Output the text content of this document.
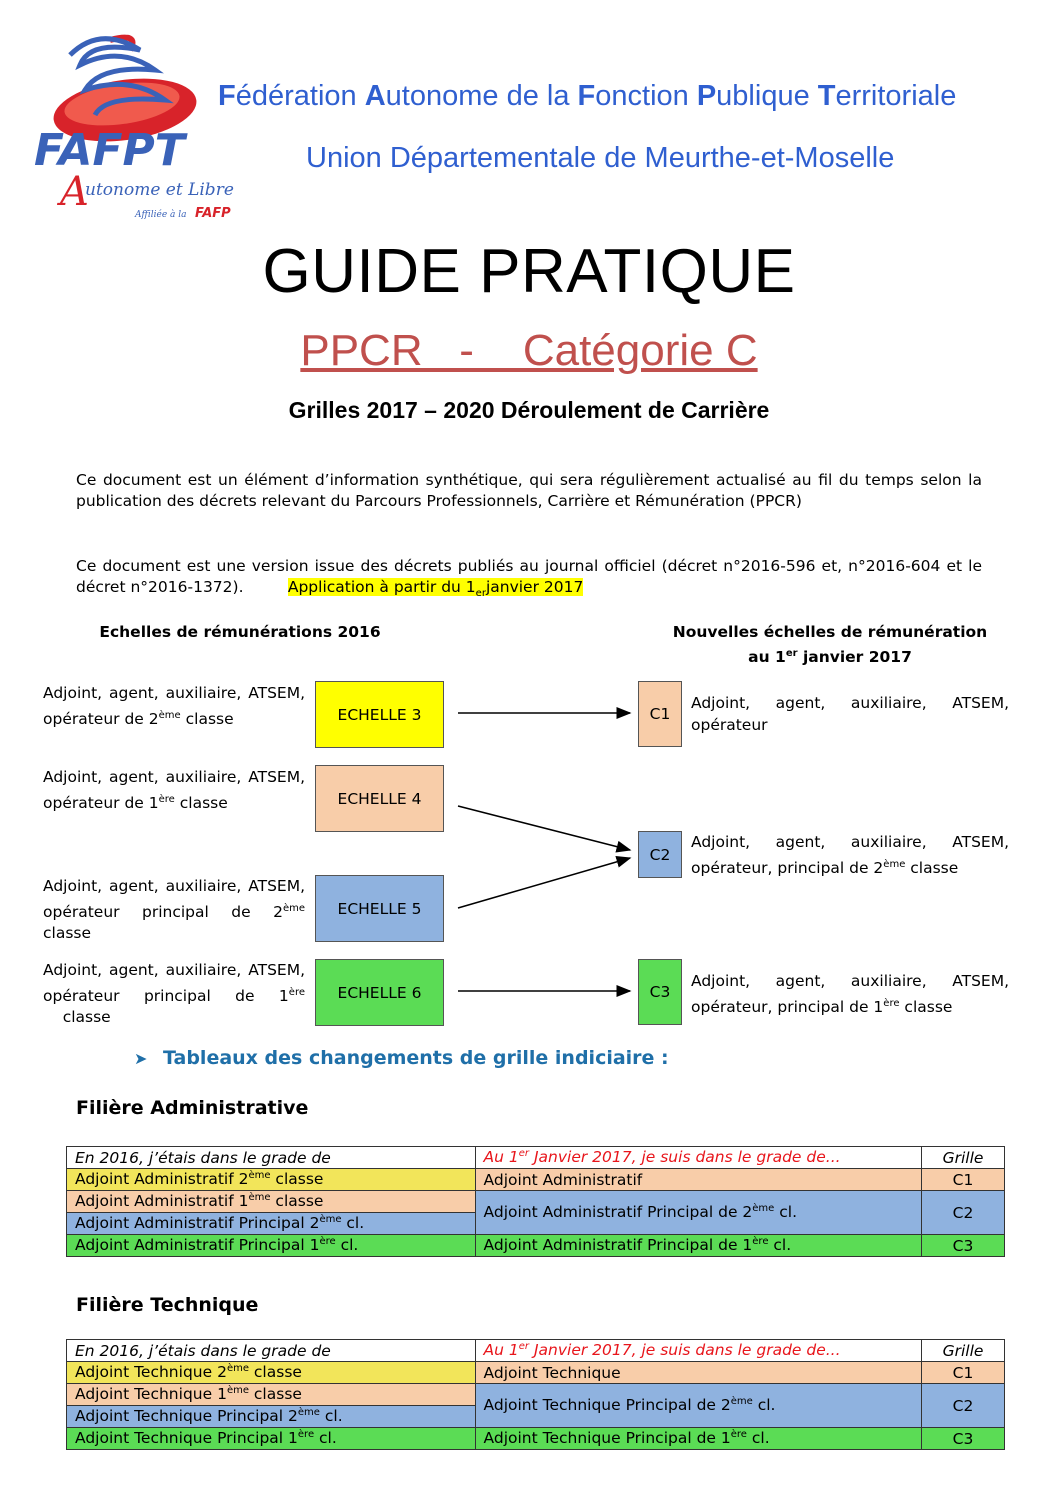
FAFPT
A
utonome et Libre
Affiliée à la FAFP
Fédération Autonome de la Fonction Publique Territoriale
Union Départementale de Meurthe-et-Moselle
GUIDE PRATIQUE
PPCR   -    Catégorie C
Grilles 2017 – 2020 Déroulement de Carrière
Ce document est un élément d’information synthétique, qui sera régulièrement actualisé au fil du temps selon la publication des décrets relevant du Parcours Professionnels, Carrière et Rémunération (PPCR)
Ce document est une version issue des décrets publiés au journal officiel (décret n°2016-596 et, n°2016-604 et le décret n°2016-1372).	Application à partir du $1_{er}janvier$ 2017
Echelles de rémunérations 2016	Nouvelles échelles de rémunération
au 1er janvier 2017
Adjoint, agent, auxiliaire, ATSEM, opérateur de 2ème classe
Adjoint, agent, auxiliaire, ATSEM, opérateur de 1ère classe
Adjoint, agent, auxiliaire, ATSEM, opérateur principal de 2ème classe
Adjoint, agent, auxiliaire, ATSEM, opérateur principal de 1ère    classe
ECHELLE 3
ECHELLE 4
ECHELLE 5
ECHELLE 6
C1
C2
C3
Adjoint, agent, auxiliaire, ATSEM, opérateur
Adjoint, agent, auxiliaire, ATSEM, opérateur, principal de 2ème classe
Adjoint, agent, auxiliaire, ATSEM, opérateur, principal de 1ère classe
➤ Tableaux des changements de grille indiciaire :
Filière Administrative
En 2016, j’étais dans le grade de	Au 1er Janvier 2017, je suis dans le grade de...	Grille
Adjoint Administratif 2ème classe	Adjoint Administratif	C1
Adjoint Administratif 1ème classe	Adjoint Administratif Principal de 2ème cl.	C2
Adjoint Administratif Principal 2ème cl.		
Adjoint Administratif Principal 1ère cl.	Adjoint Administratif Principal de 1ère cl.	C3
Filière Technique
En 2016, j’étais dans le grade de	Au 1er Janvier 2017, je suis dans le grade de...	Grille
Adjoint Technique 2ème classe	Adjoint Technique	C1
Adjoint Technique 1ème classe	Adjoint Technique Principal de 2ème cl.	C2
Adjoint Technique Principal 2ème cl.		
Adjoint Technique Principal 1ère cl.	Adjoint Technique Principal de 1ère cl.	C3
